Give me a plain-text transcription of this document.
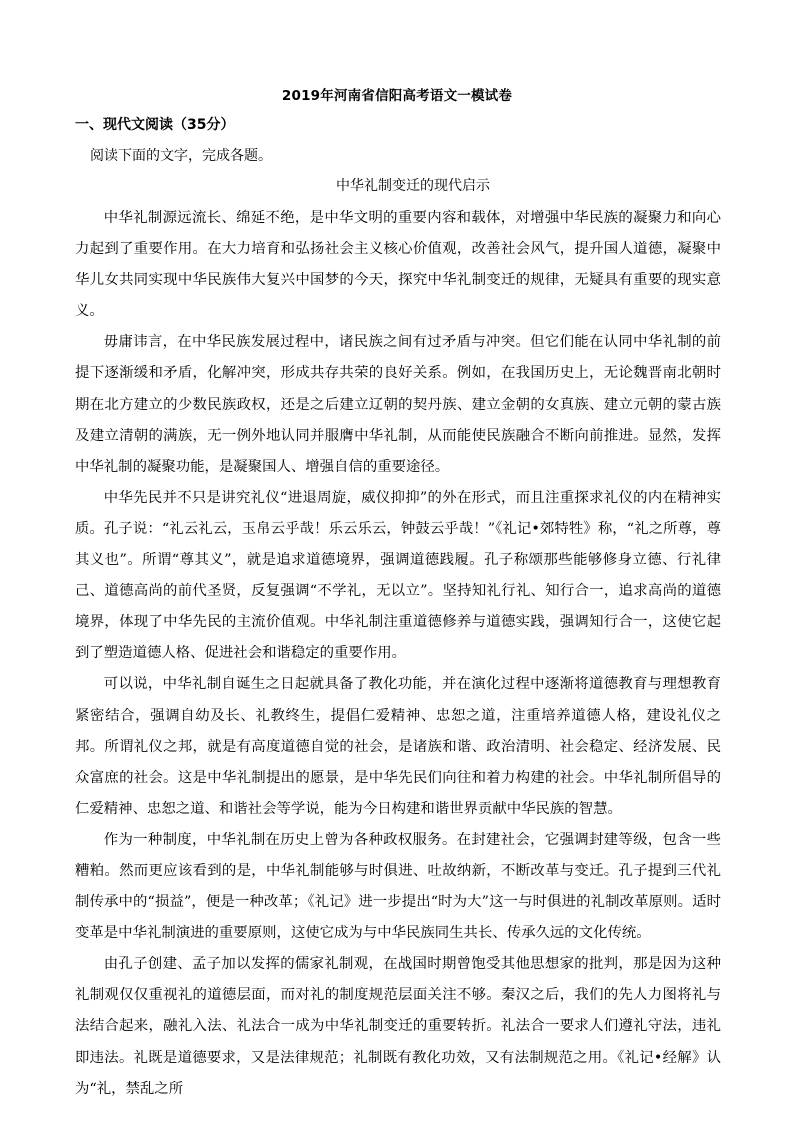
2019年河南省信阳高考语文一模试卷
一、现代文阅读（35分）
阅读下面的文字，完成各题。
中华礼制变迁的现代启示

中华礼制源远流长、绵延不绝，是中华文明的重要内容和载体，对增强中华民族的凝聚力和向心力起到了重要作用。在大力培育和弘扬社会主义核心价值观，改善社会风气，提升国人道德，凝聚中华儿女共同实现中华民族伟大复兴中国梦的今天，探究中华礼制变迁的规律，无疑具有重要的现实意义。

毋庸讳言，在中华民族发展过程中，诸民族之间有过矛盾与冲突。但它们能在认同中华礼制的前提下逐渐缓和矛盾，化解冲突，形成共存共荣的良好关系。例如，在我国历史上，无论魏晋南北朝时期在北方建立的少数民族政权，还是之后建立辽朝的契丹族、建立金朝的女真族、建立元朝的蒙古族及建立清朝的满族，无一例外地认同并服膺中华礼制，从而能使民族融合不断向前推进。显然，发挥中华礼制的凝聚功能，是凝聚国人、增强自信的重要途径。

中华先民并不只是讲究礼仪“进退周旋，威仪抑抑”的外在形式，而且注重探求礼仪的内在精神实质。孔子说：“礼云礼云，玉帛云乎哉！乐云乐云，钟鼓云乎哉！”《礼记•郊特牲》称，“礼之所尊，尊其义也”。所谓“尊其义”，就是追求道德境界，强调道德践履。孔子称颂那些能够修身立德、行礼律己、道德高尚的前代圣贤，反复强调“不学礼，无以立”。坚持知礼行礼、知行合一，追求高尚的道德境界，体现了中华先民的主流价值观。中华礼制注重道德修养与道德实践，强调知行合一，这使它起到了塑造道德人格、促进社会和谐稳定的重要作用。

可以说，中华礼制自诞生之日起就具备了教化功能，并在演化过程中逐渐将道德教育与理想教育紧密结合，强调自幼及长、礼教终生，提倡仁爱精神、忠恕之道，注重培养道德人格，建设礼仪之邦。所谓礼仪之邦，就是有高度道德自觉的社会，是诸族和谐、政治清明、社会稳定、经济发展、民众富庶的社会。这是中华礼制提出的愿景，是中华先民们向往和着力构建的社会。中华礼制所倡导的仁爱精神、忠恕之道、和谐社会等学说，能为今日构建和谐世界贡献中华民族的智慧。

作为一种制度，中华礼制在历史上曾为各种政权服务。在封建社会，它强调封建等级，包含一些糟粕。然而更应该看到的是，中华礼制能够与时俱进、吐故纳新，不断改革与变迁。孔子提到三代礼制传承中的“损益”，便是一种改革；《礼记》进一步提出“时为大”这一与时俱进的礼制改革原则。适时变革是中华礼制演进的重要原则，这使它成为与中华民族同生共长、传承久远的文化传统。

由孔子创建、孟子加以发挥的儒家礼制观，在战国时期曾饱受其他思想家的批判，那是因为这种礼制观仅仅重视礼的道德层面，而对礼的制度规范层面关注不够。秦汉之后，我们的先人力图将礼与法结合起来，融礼入法、礼法合一成为中华礼制变迁的重要转折。礼法合一要求人们遵礼守法，违礼即违法。礼既是道德要求，又是法律规范；礼制既有教化功效，又有法制规范之用。《礼记•经解》认为“礼，禁乱之所
